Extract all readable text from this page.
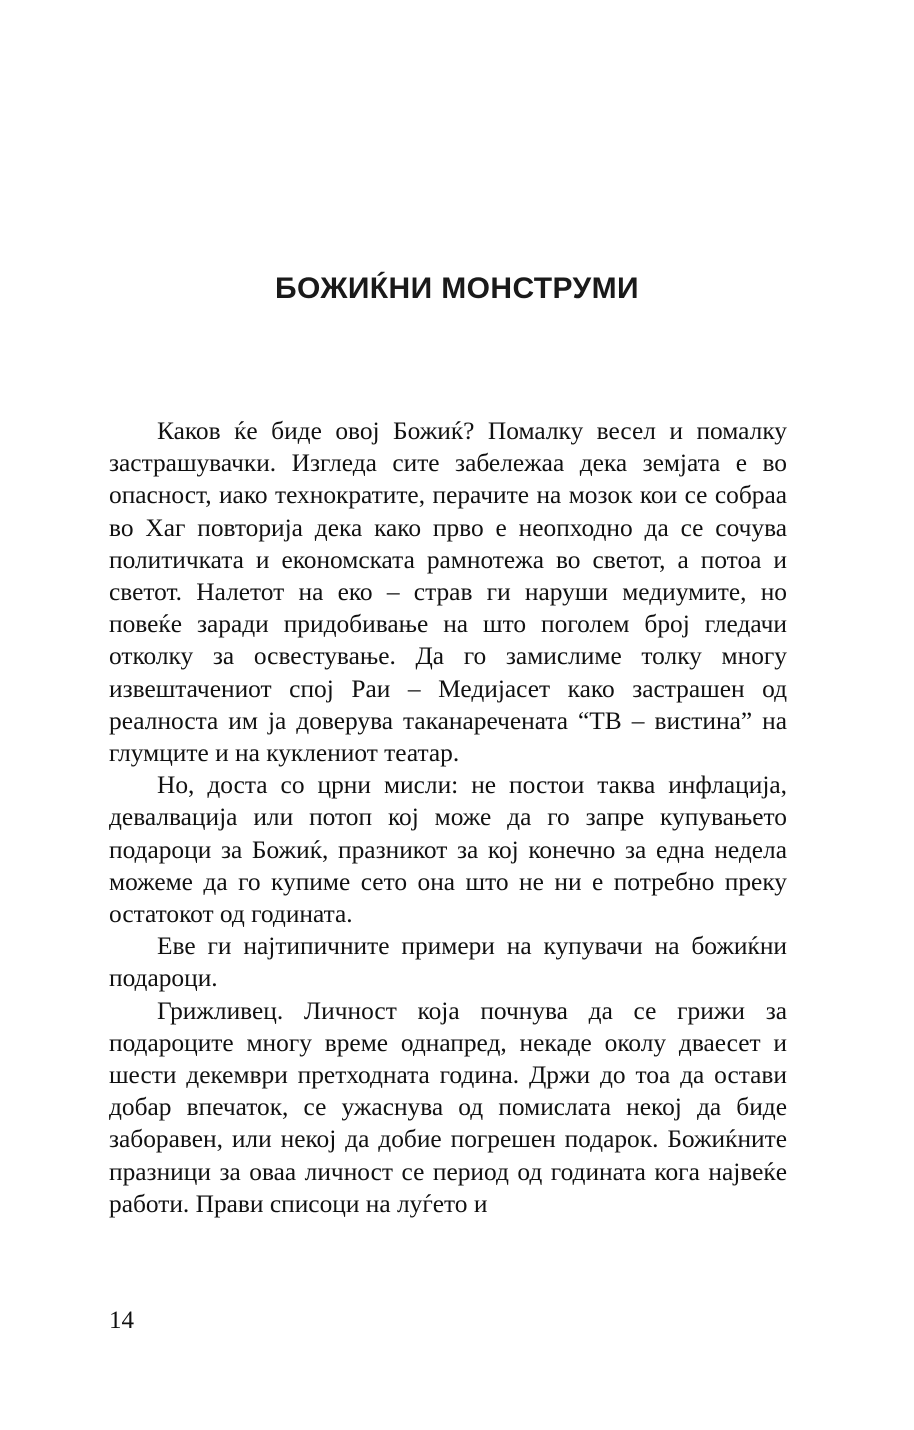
БОЖИЌНИ МОНСТРУМИ

Каков ќе биде овој Божиќ? Помалку весел и помалку застрашувачки. Изгледа сите забележаа дека земјата е во опасност, иако технократите, перачите на мозок кои се собраа во Хаг повторија дека како прво е неопходно да се сочува политичката и економската рамнотежа во светот, а потоа и светот. Налетот на еко – страв ги наруши медиумите, но повеќе заради придобивање на што поголем број гледачи отколку за освестување. Да го замислиме толку многу извештачениот спој Раи – Медијасет како застрашен од реалноста им ја доверува таканаречената “ТВ – вистина” на глумците и на куклениот театар.

Но, доста со црни мисли: не постои таква инфлација, девалвација или потоп кој може да го запре купувањето подароци за Божиќ, празникот за кој конечно за една недела можеме да го купиме сето она што не ни е потребно преку остатокот од годината.

Еве ги најтипичните примери на купувачи на божиќни подароци.

Грижливец. Личност која почнува да се грижи за подароците многу време однапред, некаде околу дваесет и шести декември претходната година. Држи до тоа да остави добар впечаток, се ужаснува од помислата некој да биде заборавен, или некој да добие погрешен подарок. Божиќните празници за оваа личност се период од годината кога највеќе работи. Прави списоци на луѓето и

14
